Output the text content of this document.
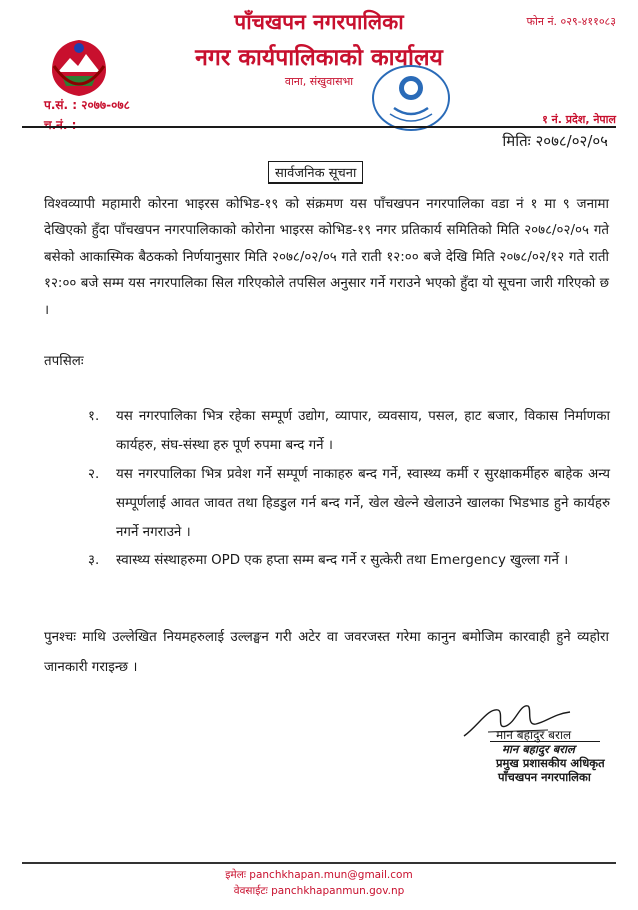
पाँचखपन नगरपालिका
नगर कार्यपालिकाको कार्यालय
वाना, संखुवासभा
फोन नं. ०२९-४११०८३
प.सं. : २०७७-०७८
च.नं. :	१ नं. प्रदेश, नेपाल
मितिः २०७८/०२/०५
सार्वजनिक सूचना
विश्वव्यापी महामारी कोरना भाइरस कोभिड-१९ को संक्रमण यस पाँचखपन नगरपालिका वडा नं १ मा ९ जनामा देखिएको हुँदा पाँचखपन नगरपालिकाको कोरोना भाइरस कोभिड-१९ नगर प्रतिकार्य समितिको मिति २०७८/०२/०५ गते बसेको आकास्मिक बैठकको निर्णयानुसार मिति २०७८/०२/०५ गते राती १२:०० बजे देखि मिति २०७८/०२/१२ गते राती १२:०० बजे सम्म यस नगरपालिका सिल गरिएकोले तपसिल अनुसार गर्ने गराउने भएको हुँदा यो सूचना जारी गरिएको छ ।
तपसिलः
१. यस नगरपालिका भित्र रहेका सम्पूर्ण उद्योग, व्यापार, व्यवसाय, पसल, हाट बजार, विकास निर्माणका कार्यहरु, संघ-संस्था हरु पूर्ण रुपमा बन्द गर्ने ।
२. यस नगरपालिका भित्र प्रवेश गर्ने सम्पूर्ण नाकाहरु बन्द गर्ने, स्वास्थ्य कर्मी र सुरक्षाकर्मीहरु बाहेक अन्य सम्पूर्णलाई आवत जावत तथा हिडडुल गर्न बन्द गर्ने, खेल खेल्ने खेलाउने खालका भिडभाड हुने कार्यहरु नगर्ने नगराउने ।
३. स्वास्थ्य संस्थाहरुमा OPD एक हप्ता सम्म बन्द गर्ने र सुत्केरी तथा Emergency खुल्ला गर्ने ।
पुनश्चः माथि उल्लेखित नियमहरुलाई उल्लङ्घन गरी अटेर वा जवरजस्त गरेमा कानुन बमोजिम कारवाही हुने व्यहोरा जानकारी गराइन्छ ।
मान बहादुर बराल
मान बहादुर बराल
प्रमुख प्रशासकीय अधिकृत
पाँचखपन नगरपालिका
इमेलः panchkhapan.mun@gmail.com
वेवसाईटः panchkhapanmun.gov.np
